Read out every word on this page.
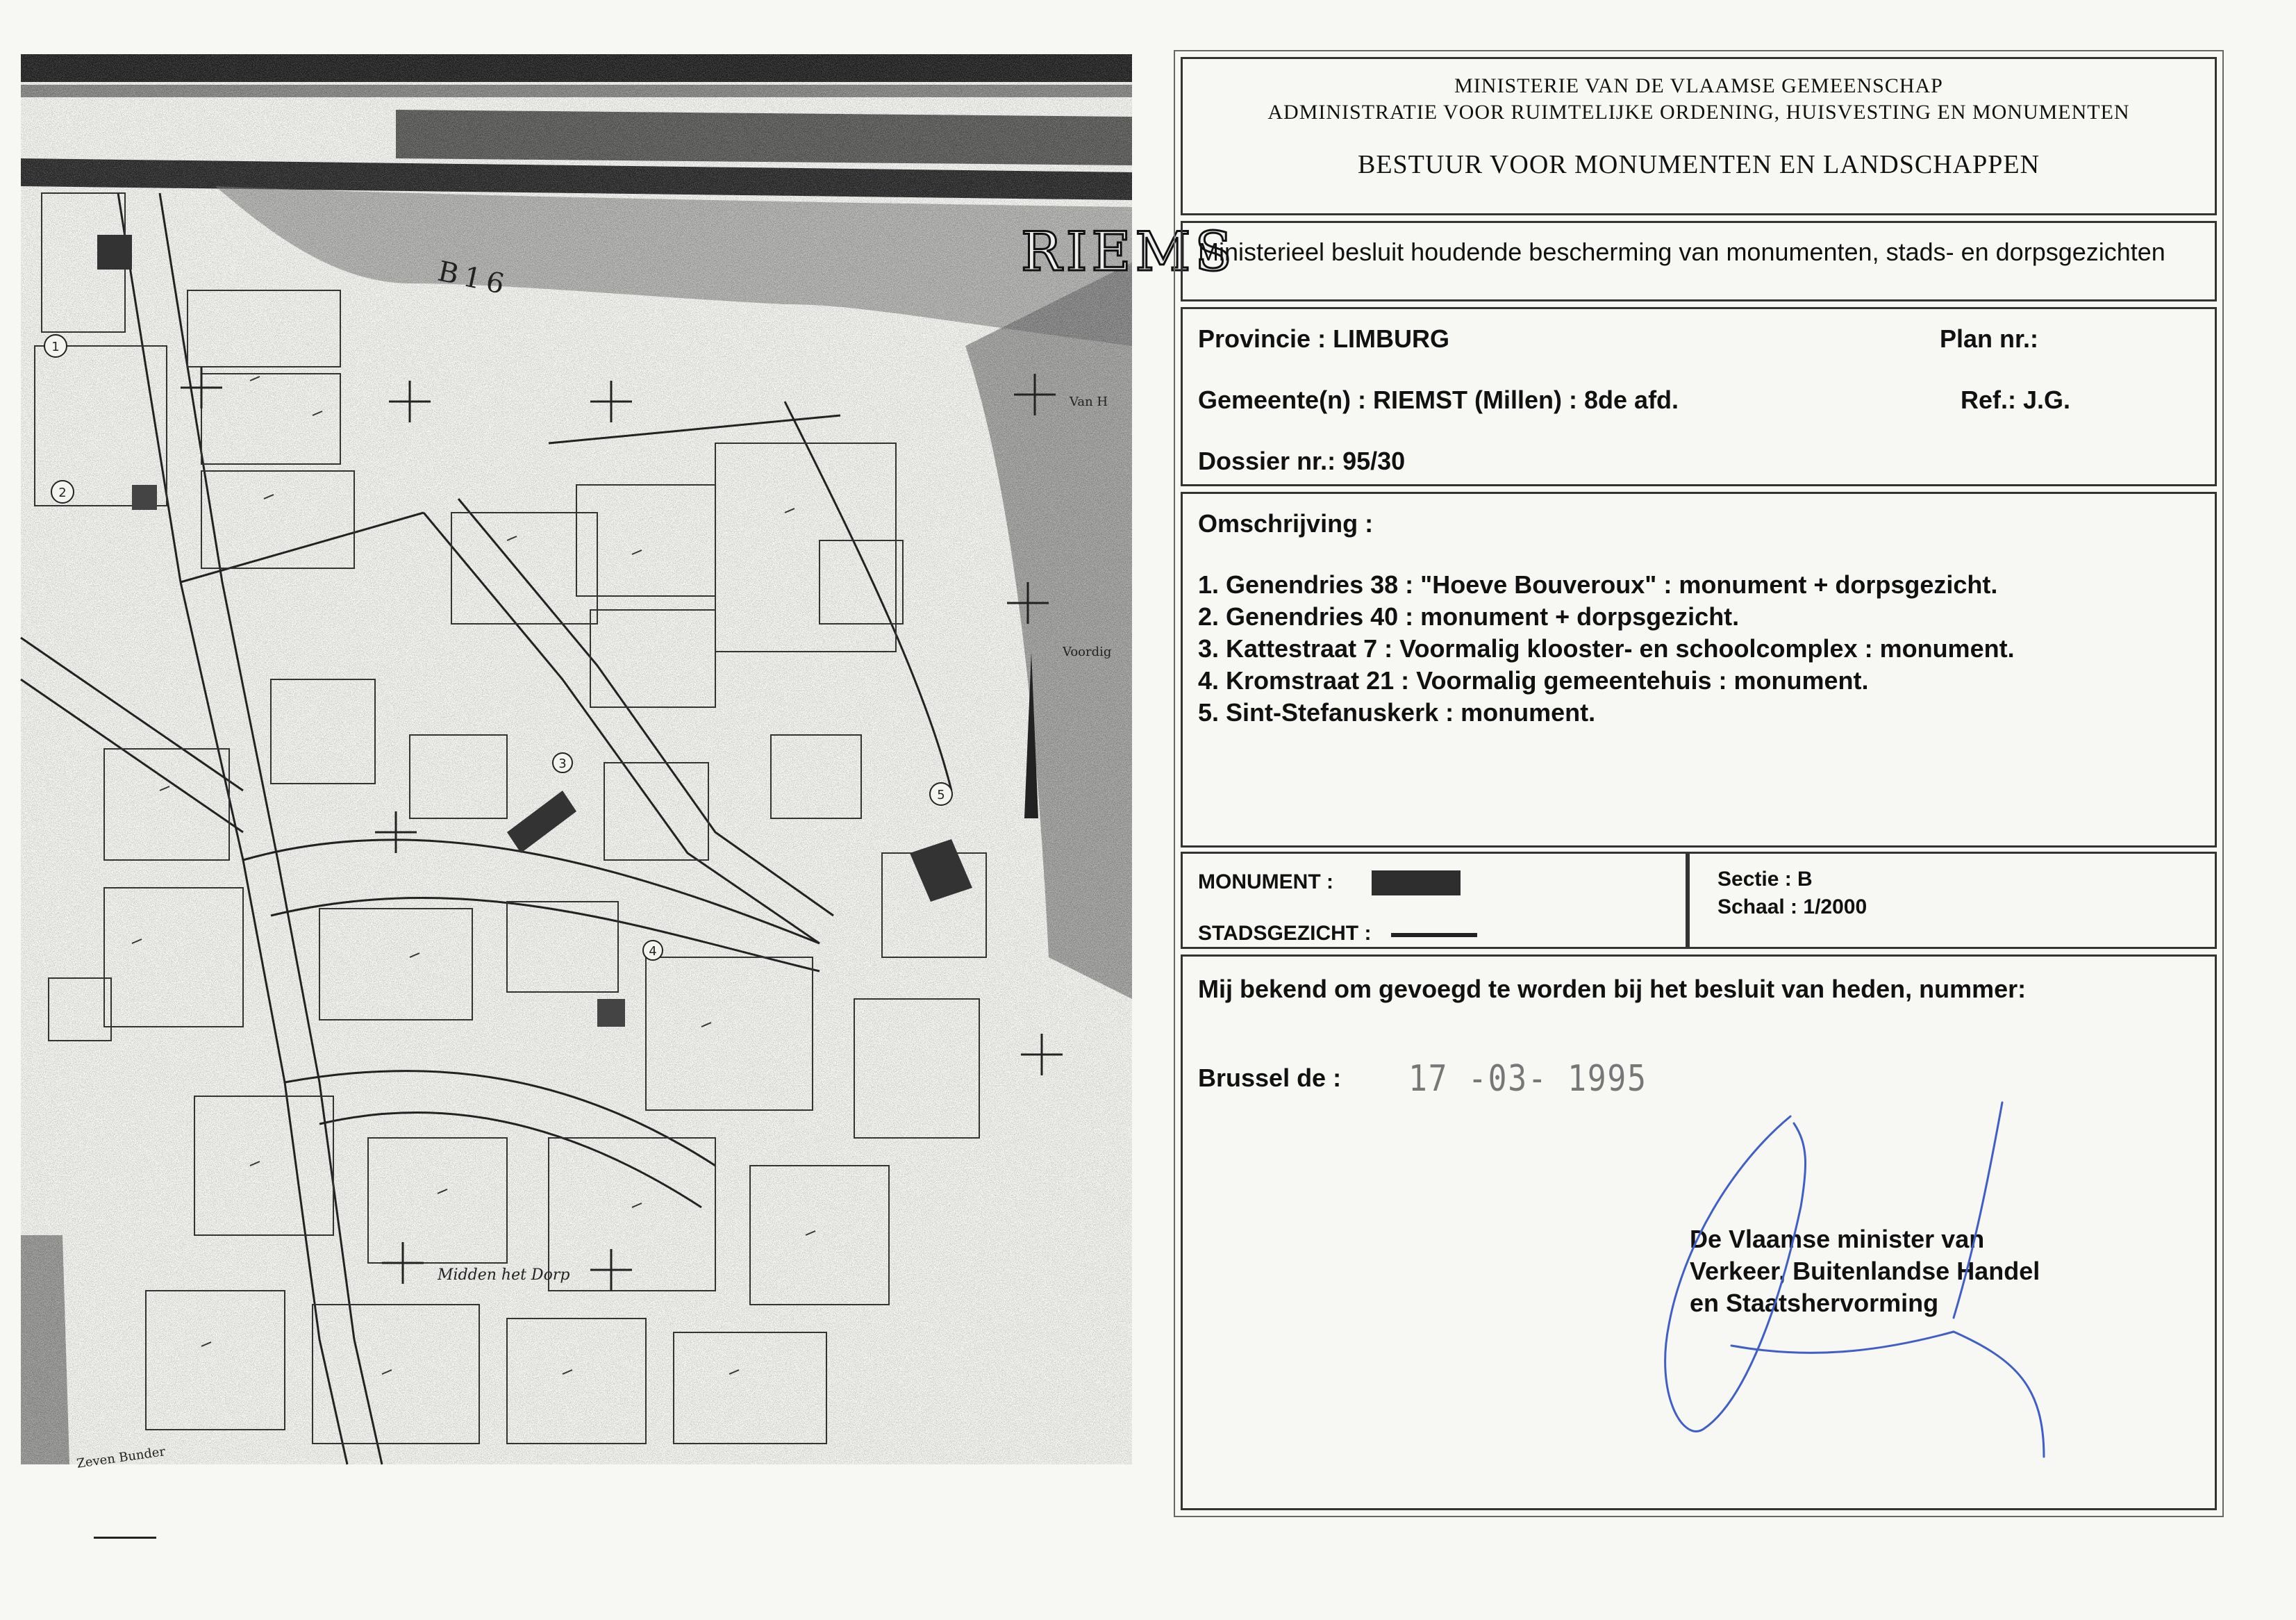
1
2
3
4
5
RIEMS
B16
Van H
Voordig
Midden het Dorp
Zeven Bunder
MINISTERIE VAN DE VLAAMSE GEMEENSCHAP
ADMINISTRATIE VOOR RUIMTELIJKE ORDENING, HUISVESTING EN MONUMENTEN
BESTUUR VOOR MONUMENTEN EN LANDSCHAPPEN
Ministerieel besluit houdende bescherming van monumenten, stads- en dorpsgezichten
Provincie : LIMBURG	Plan nr.:
Gemeente(n) : RIEMST (Millen) : 8de afd.	Ref.: J.G.
Dossier nr.: 95/30
Omschrijving :
1. Genendries 38 : "Hoeve Bouveroux" : monument + dorpsgezicht.
2. Genendries 40 : monument + dorpsgezicht.
3. Kattestraat 7 : Voormalig klooster- en schoolcomplex : monument.
4. Kromstraat 21 : Voormalig gemeentehuis : monument.
5. Sint-Stefanuskerk : monument.
MONUMENT :
STADSGEZICHT :
Sectie : B
Schaal : 1/2000
Mij bekend om gevoegd te worden bij het besluit van heden, nummer:
Brussel de : 17 -03- 1995
De Vlaamse minister van
Verkeer, Buitenlandse Handel
en Staatshervorming
